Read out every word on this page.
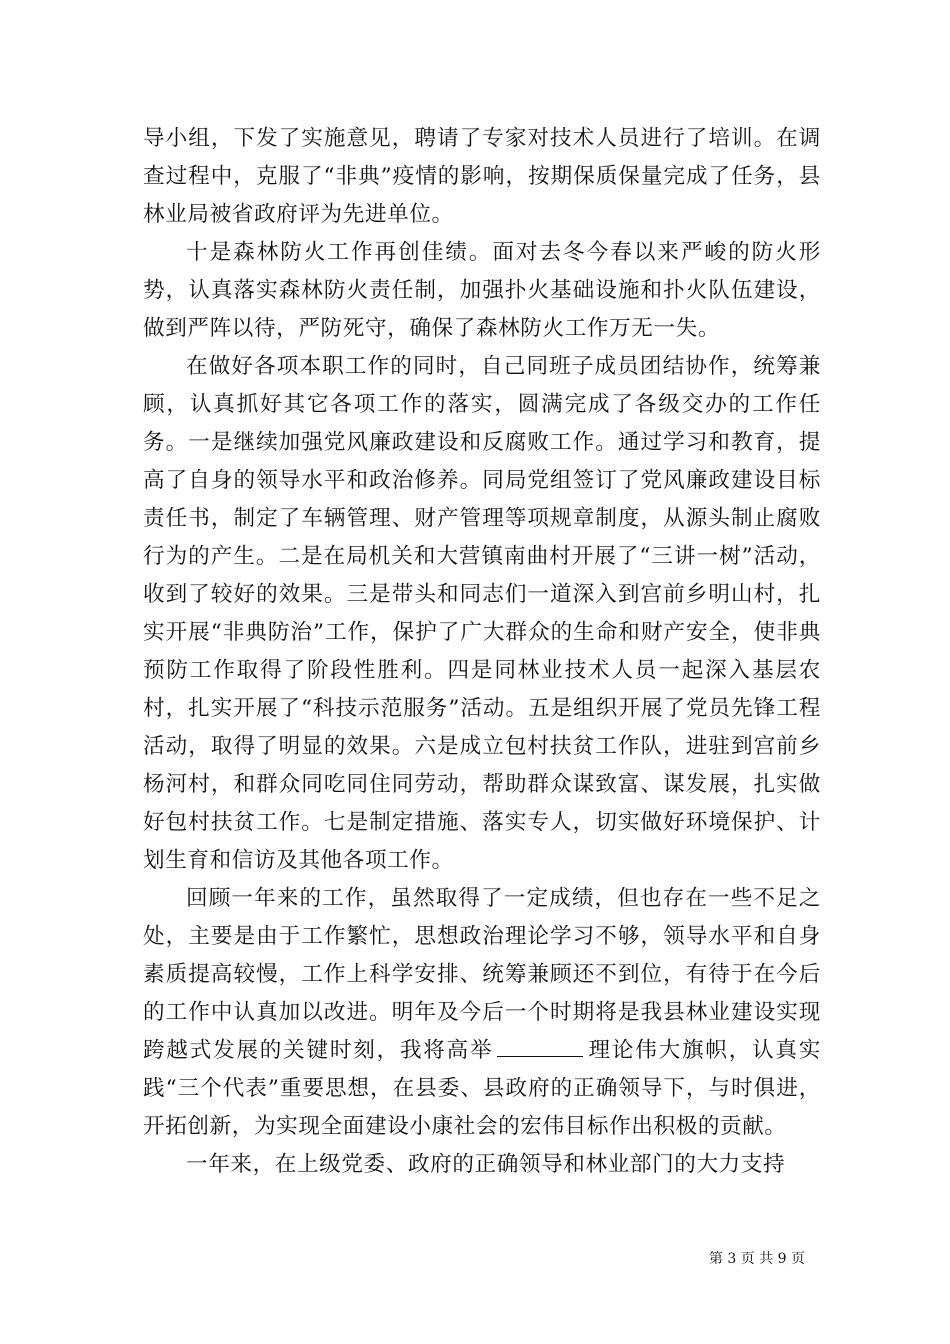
导小组，下发了实施意见，聘请了专家对技术人员进行了培训。在调查过程中，克服了“非典”疫情的影响，按期保质保量完成了任务，县林业局被省政府评为先进单位。

十是森林防火工作再创佳绩。面对去冬今春以来严峻的防火形势，认真落实森林防火责任制，加强扑火基础设施和扑火队伍建设，做到严阵以待，严防死守，确保了森林防火工作万无一失。

在做好各项本职工作的同时，自己同班子成员团结协作，统筹兼顾，认真抓好其它各项工作的落实，圆满完成了各级交办的工作任务。一是继续加强党风廉政建设和反腐败工作。通过学习和教育，提高了自身的领导水平和政治修养。同局党组签订了党风廉政建设目标责任书，制定了车辆管理、财产管理等项规章制度，从源头制止腐败行为的产生。二是在局机关和大营镇南曲村开展了“三讲一树”活动，收到了较好的效果。三是带头和同志们一道深入到宫前乡明山村，扎实开展“非典防治”工作，保护了广大群众的生命和财产安全，使非典预防工作取得了阶段性胜利。四是同林业技术人员一起深入基层农村，扎实开展了“科技示范服务”活动。五是组织开展了党员先锋工程活动，取得了明显的效果。六是成立包村扶贫工作队，进驻到宫前乡杨河村，和群众同吃同住同劳动，帮助群众谋致富、谋发展，扎实做好包村扶贫工作。七是制定措施、落实专人，切实做好环境保护、计划生育和信访及其他各项工作。

回顾一年来的工作，虽然取得了一定成绩，但也存在一些不足之处，主要是由于工作繁忙，思想政治理论学习不够，领导水平和自身素质提高较慢，工作上科学安排、统筹兼顾还不到位，有待于在今后的工作中认真加以改进。明年及今后一个时期将是我县林业建设实现跨越式发展的关键时刻，我将高举	理论伟大旗帜，认真实践“三个代表”重要思想，在县委、县政府的正确领导下，与时俱进，开拓创新，为实现全面建设小康社会的宏伟目标作出积极的贡献。

一年来，在上级党委、政府的正确领导和林业部门的大力支持

第 3 页 共 9 页
